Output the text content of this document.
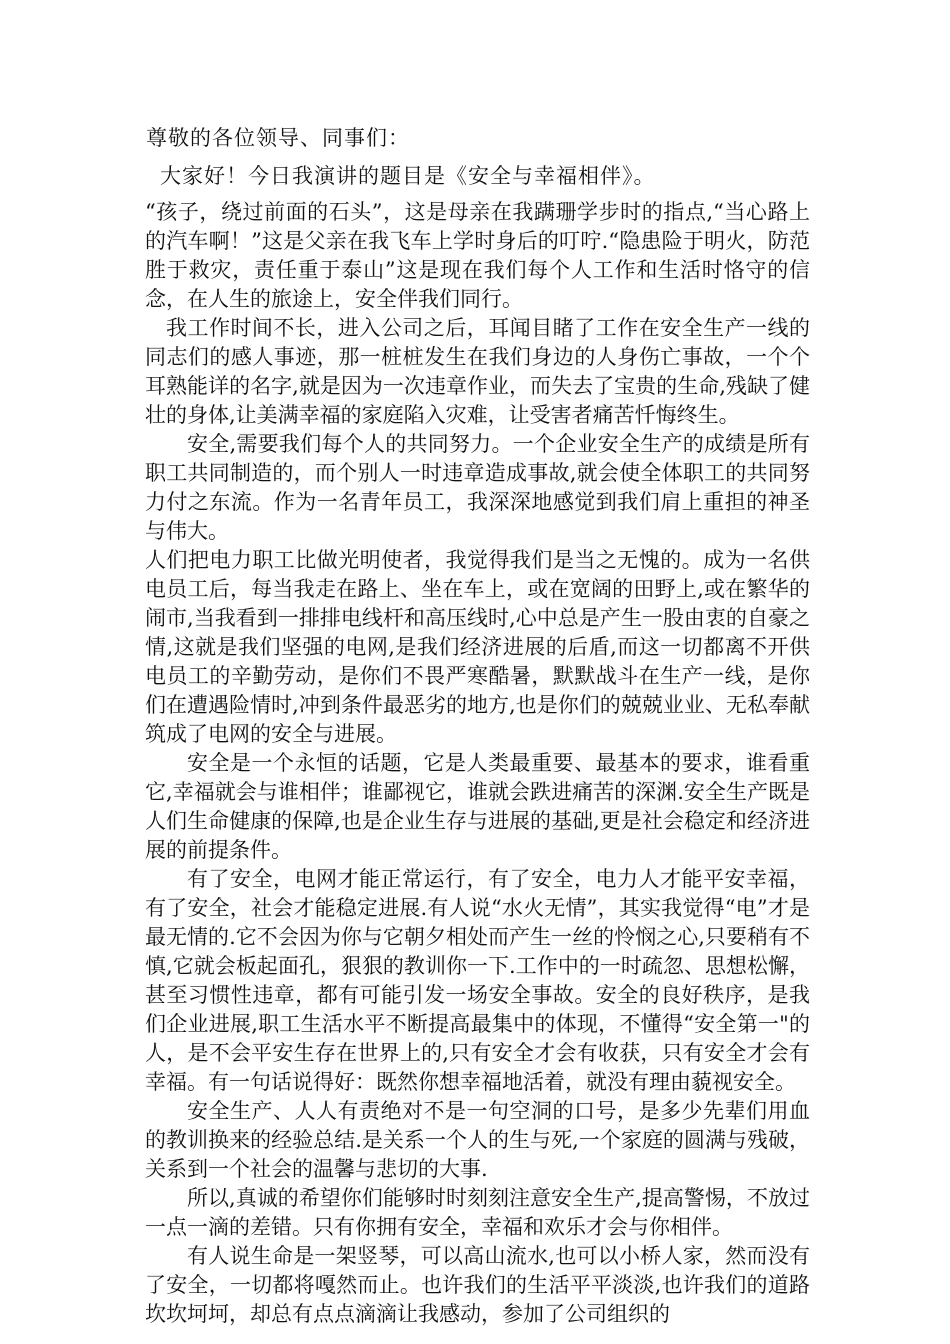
尊敬的各位领导、同事们：

大家好！今日我演讲的题目是《安全与幸福相伴》。

“孩子，绕过前面的石头”，这是母亲在我蹒珊学步时的指点,“当心路上的汽车啊！”这是父亲在我飞车上学时身后的叮咛.“隐患险于明火，防范胜于救灾，责任重于泰山”这是现在我们每个人工作和生活时恪守的信念，在人生的旅途上，安全伴我们同行。

我工作时间不长，进入公司之后，耳闻目睹了工作在安全生产一线的同志们的感人事迹，那一桩桩发生在我们身边的人身伤亡事故，一个个耳熟能详的名字,就是因为一次违章作业，而失去了宝贵的生命,残缺了健壮的身体,让美满幸福的家庭陷入灾难，让受害者痛苦忏悔终生。

安全,需要我们每个人的共同努力。一个企业安全生产的成绩是所有职工共同制造的，而个别人一时违章造成事故,就会使全体职工的共同努力付之东流。作为一名青年员工，我深深地感觉到我们肩上重担的神圣与伟大。

人们把电力职工比做光明使者，我觉得我们是当之无愧的。成为一名供电员工后，每当我走在路上、坐在车上，或在宽阔的田野上,或在繁华的闹市,当我看到一排排电线杆和高压线时,心中总是产生一股由衷的自豪之情,这就是我们坚强的电网,是我们经济进展的后盾,而这一切都离不开供电员工的辛勤劳动，是你们不畏严寒酷暑，默默战斗在生产一线，是你们在遭遇险情时,冲到条件最恶劣的地方,也是你们的兢兢业业、无私奉献筑成了电网的安全与进展。

安全是一个永恒的话题，它是人类最重要、最基本的要求，谁看重它,幸福就会与谁相伴；谁鄙视它，谁就会跌进痛苦的深渊.安全生产既是人们生命健康的保障,也是企业生存与进展的基础,更是社会稳定和经济进展的前提条件。

有了安全，电网才能正常运行，有了安全，电力人才能平安幸福，有了安全，社会才能稳定进展.有人说“水火无情”，其实我觉得“电”才是最无情的.它不会因为你与它朝夕相处而产生一丝的怜悯之心,只要稍有不慎,它就会板起面孔，狠狠的教训你一下.工作中的一时疏忽、思想松懈，甚至习惯性违章，都有可能引发一场安全事故。安全的良好秩序，是我们企业进展,职工生活水平不断提高最集中的体现，不懂得“安全第一"的人，是不会平安生存在世界上的,只有安全才会有收获，只有安全才会有幸福。有一句话说得好：既然你想幸福地活着，就没有理由藐视安全。

安全生产、人人有责绝对不是一句空洞的口号，是多少先辈们用血的教训换来的经验总结.是关系一个人的生与死,一个家庭的圆满与残破，关系到一个社会的温馨与悲切的大事.

所以,真诚的希望你们能够时时刻刻注意安全生产,提高警惕，不放过一点一滴的差错。只有你拥有安全，幸福和欢乐才会与你相伴。

有人说生命是一架竖琴，可以高山流水,也可以小桥人家，然而没有了安全，一切都将嘎然而止。也许我们的生活平平淡淡,也许我们的道路坎坎坷坷，却总有点点滴滴让我感动，参加了公司组织的
